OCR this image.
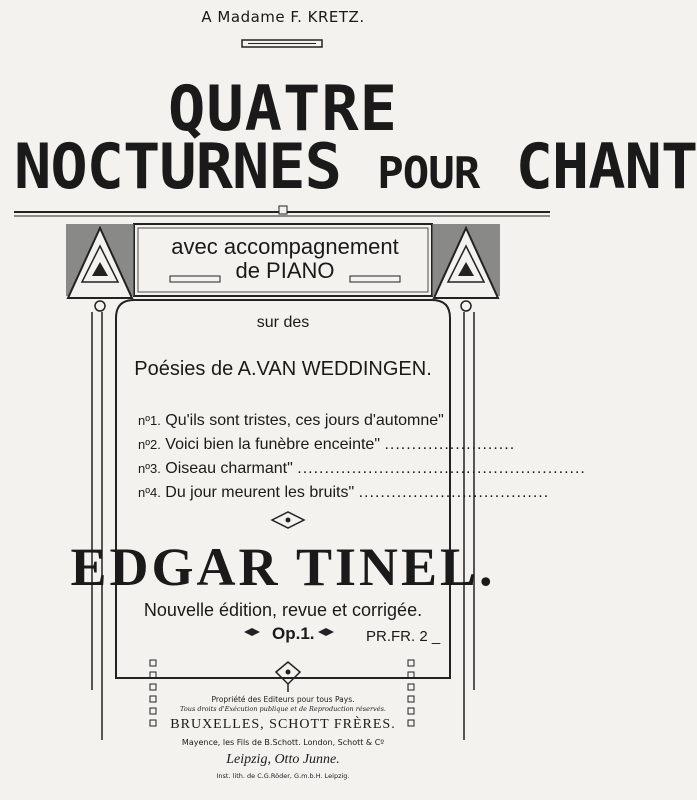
A Madame F. KRETZ.
QUATRE
NOCTURNES POUR CHANT
avec accompagnement
de PIANO
sur des
Poésies de A.VAN WEDDINGEN.
nº1. Qu'ils sont tristes, ces jours d'automne"
nº2. Voici bien la funèbre enceinte" ........................
nº3. Oiseau charmant" .....................................................
nº4. Du jour meurent les bruits" ...................................
EDGAR TINEL.
Nouvelle édition, revue et corrigée.
Op.1.	PR.FR. 2 _
Propriété des Editeurs pour tous Pays.
Tous droits d'Exécution publique et de Reproduction réservés.
BRUXELLES, SCHOTT FRÈRES.
Mayence, les Fils de B.Schott. London, Schott & Cº
Leipzig, Otto Junne.
Inst. lith. de C.G.Röder, G.m.b.H. Leipzig.
